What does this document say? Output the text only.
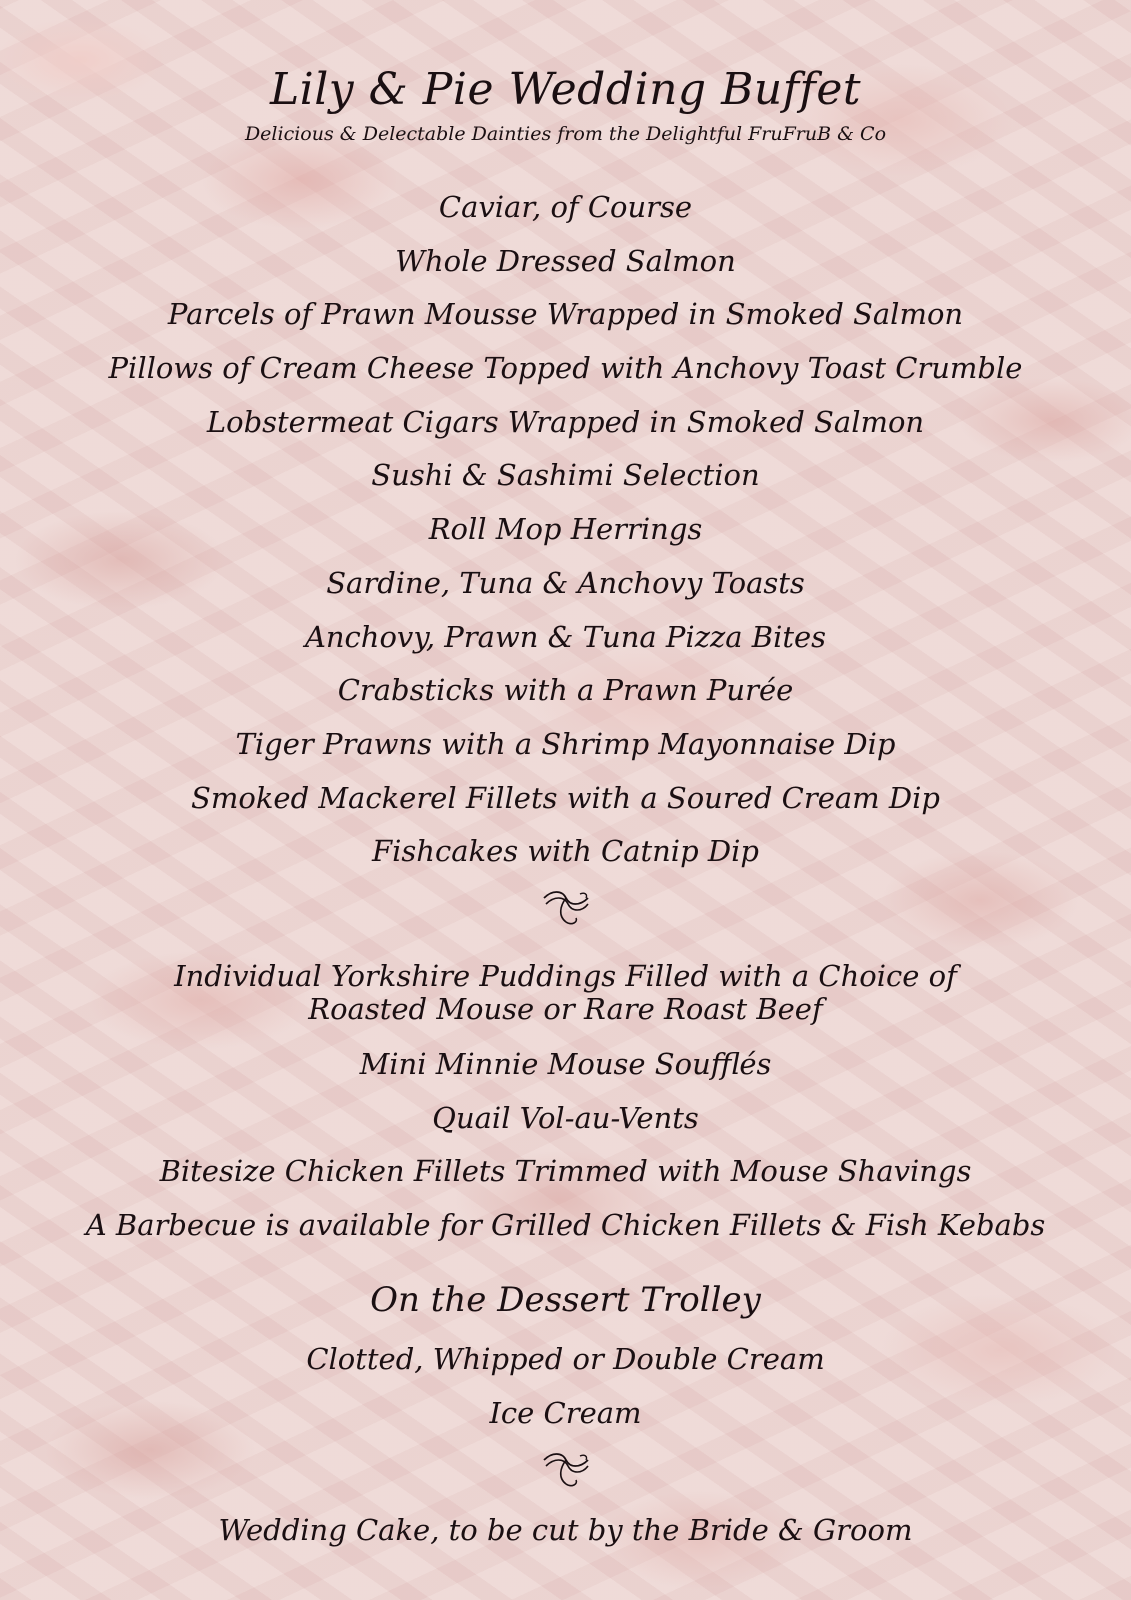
Lily & Pie Wedding Buffet
Delicious & Delectable Dainties from the Delightful FruFruB & Co
Caviar, of Course
Whole Dressed Salmon
Parcels of Prawn Mousse Wrapped in Smoked Salmon
Pillows of Cream Cheese Topped with Anchovy Toast Crumble
Lobstermeat Cigars Wrapped in Smoked Salmon
Sushi & Sashimi Selection
Roll Mop Herrings
Sardine, Tuna & Anchovy Toasts
Anchovy, Prawn & Tuna Pizza Bites
Crabsticks with a Prawn Purée
Tiger Prawns with a Shrimp Mayonnaise Dip
Smoked Mackerel Fillets with a Soured Cream Dip
Fishcakes with Catnip Dip
Individual Yorkshire Puddings Filled with a Choice of
Roasted Mouse or Rare Roast Beef
Mini Minnie Mouse Soufflés
Quail Vol-au-Vents
Bitesize Chicken Fillets Trimmed with Mouse Shavings
A Barbecue is available for Grilled Chicken Fillets & Fish Kebabs
On the Dessert Trolley
Clotted, Whipped or Double Cream
Ice Cream
Wedding Cake, to be cut by the Bride & Groom
